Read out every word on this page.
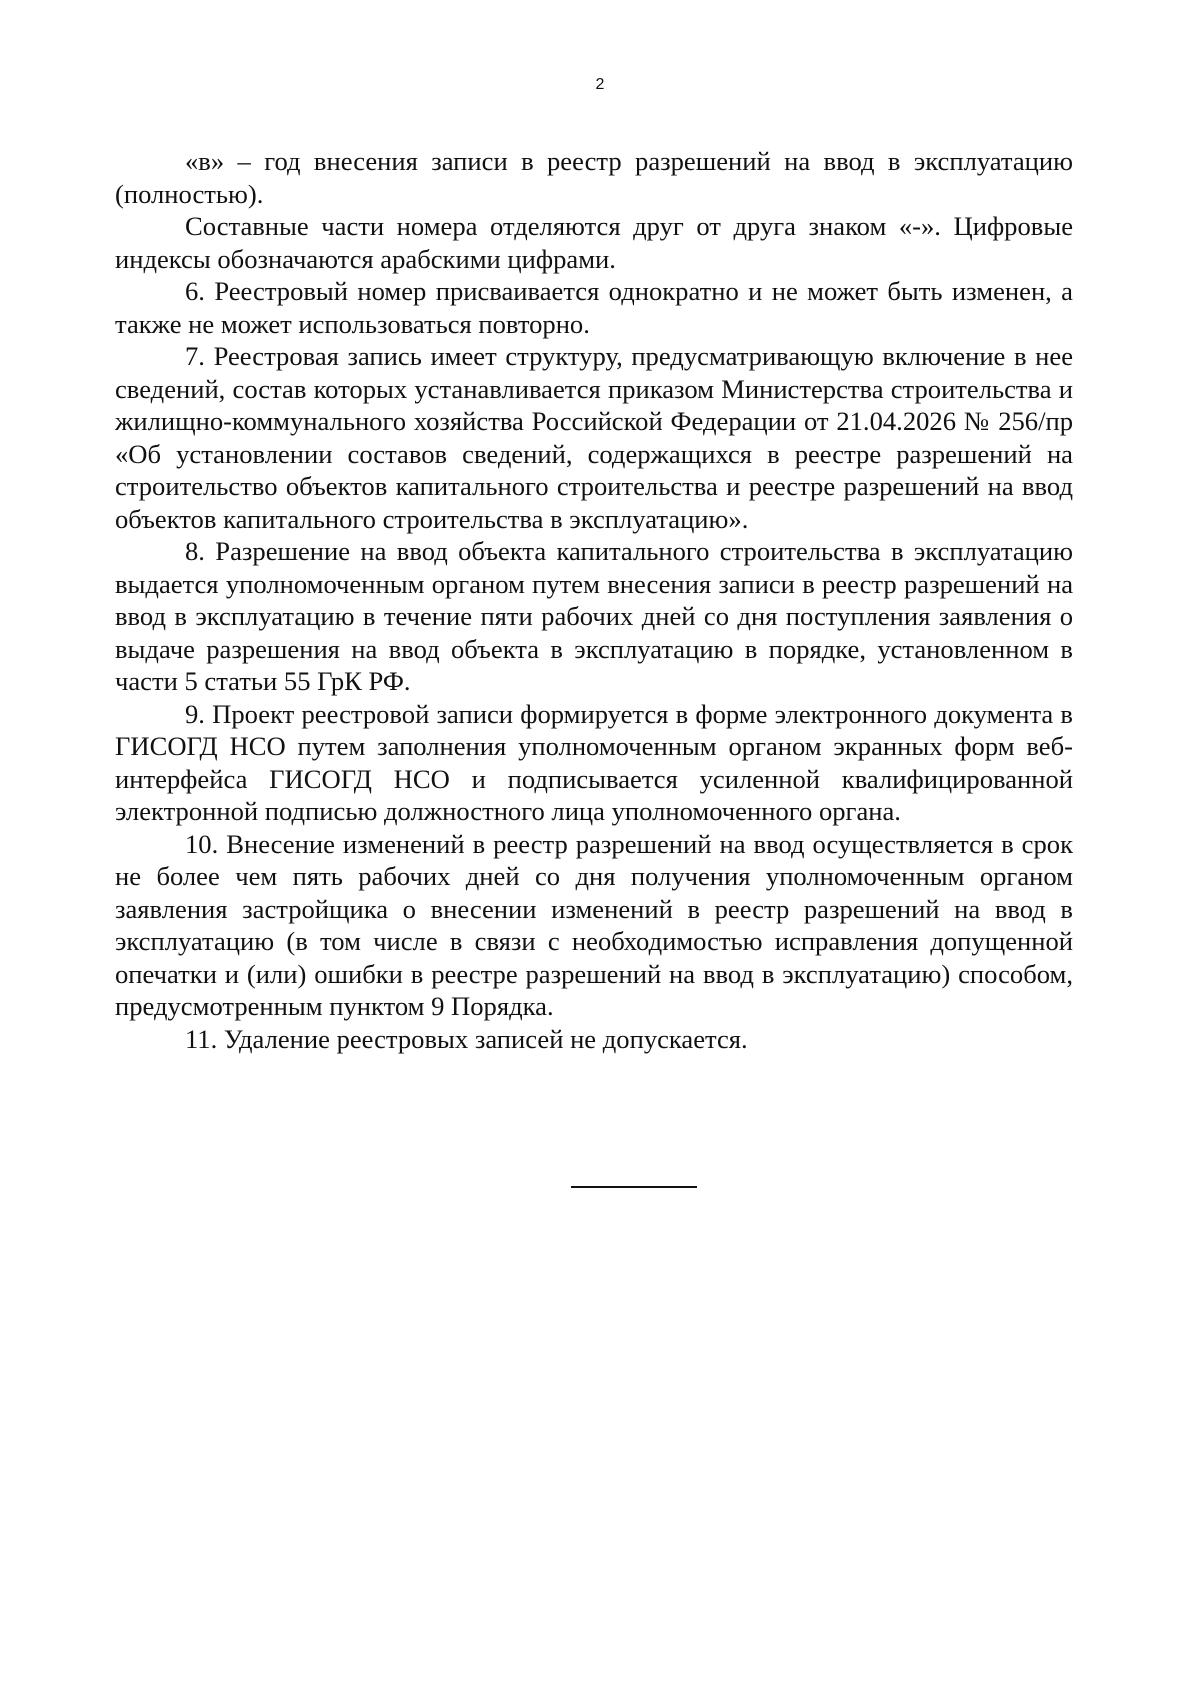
2

«в» – год внесения записи в реестр разрешений на ввод в эксплуатацию (полностью).

Составные части номера отделяются друг от друга знаком «-». Цифровые индексы обозначаются арабскими цифрами.

6. Реестровый номер присваивается однократно и не может быть изменен, а также не может использоваться повторно.

7. Реестровая запись имеет структуру, предусматривающую включение в нее сведений, состав которых устанавливается приказом Министерства строительства и жилищно-коммунального хозяйства Российской Федерации от 21.04.2026 № 256/пр «Об установлении составов сведений, содержащихся в реестре разрешений на строительство объектов капитального строительства и реестре разрешений на ввод объектов капитального строительства в эксплуатацию».

8. Разрешение на ввод объекта капитального строительства в эксплуатацию выдается уполномоченным органом путем внесения записи в реестр разрешений на ввод в эксплуатацию в течение пяти рабочих дней со дня поступления заявления о выдаче разрешения на ввод объекта в эксплуатацию в порядке, установленном в части 5 статьи 55 ГрК РФ.

9. Проект реестровой записи формируется в форме электронного документа в ГИСОГД НСО путем заполнения уполномоченным органом экранных форм веб-интерфейса ГИСОГД НСО и подписывается усиленной квалифицированной электронной подписью должностного лица уполномоченного органа.

10. Внесение изменений в реестр разрешений на ввод осуществляется в срок не более чем пять рабочих дней со дня получения уполномоченным органом заявления застройщика о внесении изменений в реестр разрешений на ввод в эксплуатацию (в том числе в связи с необходимостью исправления допущенной опечатки и (или) ошибки в реестре разрешений на ввод в эксплуатацию) способом, предусмотренным пунктом 9 Порядка.

11. Удаление реестровых записей не допускается.
